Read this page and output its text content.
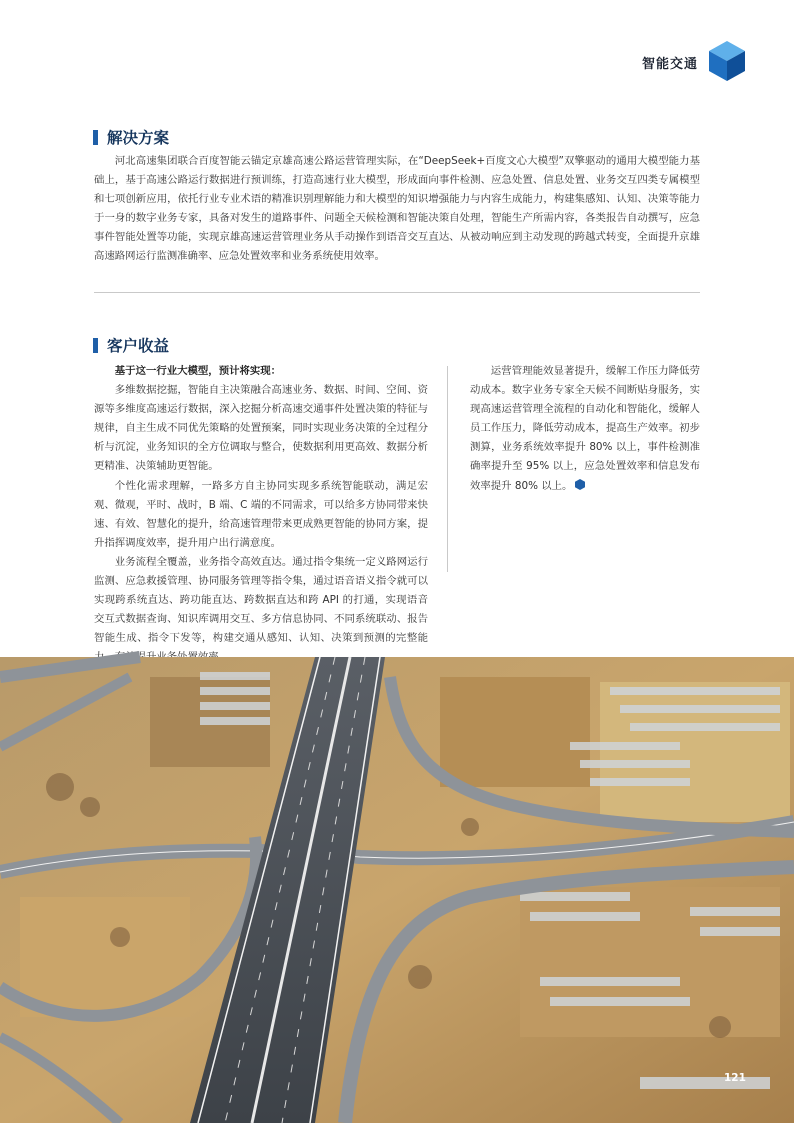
智能交通
解决方案

河北高速集团联合百度智能云锚定京雄高速公路运营管理实际，在“DeepSeek+百度文心大模型”双擎驱动的通用大模型能力基础上，基于高速公路运行数据进行预训练，打造高速行业大模型，形成面向事件检测、应急处置、信息处置、业务交互四类专属模型和七项创新应用，依托行业专业术语的精准识别理解能力和大模型的知识增强能力与内容生成能力，构建集感知、认知、决策等能力于一身的数字业务专家，具备对发生的道路事件、问题全天候检测和智能决策自处理，智能生产所需内容，各类报告自动撰写，应急事件智能处置等功能，实现京雄高速运营管理业务从手动操作到语音交互直达、从被动响应到主动发现的跨越式转变，全面提升京雄高速路网运行监测准确率、应急处置效率和业务系统使用效率。

客户收益

基于这一行业大模型，预计将实现：

多维数据挖掘，智能自主决策融合高速业务、数据、时间、空间、资源等多维度高速运行数据，深入挖掘分析高速交通事件处置决策的特征与规律，自主生成不同优先策略的处置预案，同时实现业务决策的全过程分析与沉淀，业务知识的全方位调取与整合，使数据利用更高效、数据分析更精准、决策辅助更智能。

个性化需求理解，一路多方自主协同实现多系统智能联动，满足宏观、微观，平时、战时，B 端、C 端的不同需求，可以给多方协同带来快速、有效、智慧化的提升，给高速管理带来更成熟更智能的协同方案，提升指挥调度效率，提升用户出行满意度。

业务流程全覆盖，业务指令高效直达。通过指令集统一定义路网运行监测、应急救援管理、协同服务管理等指令集，通过语音语义指令就可以实现跨系统直达、跨功能直达、跨数据直达和跨 API 的打通，实现语音交互式数据查询、知识库调用交互、多方信息协同、不同系统联动、报告智能生成、指令下发等，构建交通从感知、认知、决策到预测的完整能

运营管理能效显著提升，缓解工作压力降低劳动成本。数字业务专家全天候不间断贴身服务，实现高速运营管理全流程的自动化和智能化，缓解人员工作压力，降低劳动成本，提高生产效率。初步测算，业务系统效率提升 80% 以上，事件检测准确率提升至 95% 以上，应急处置效率和信息发布效率提升 80% 以上。

121
